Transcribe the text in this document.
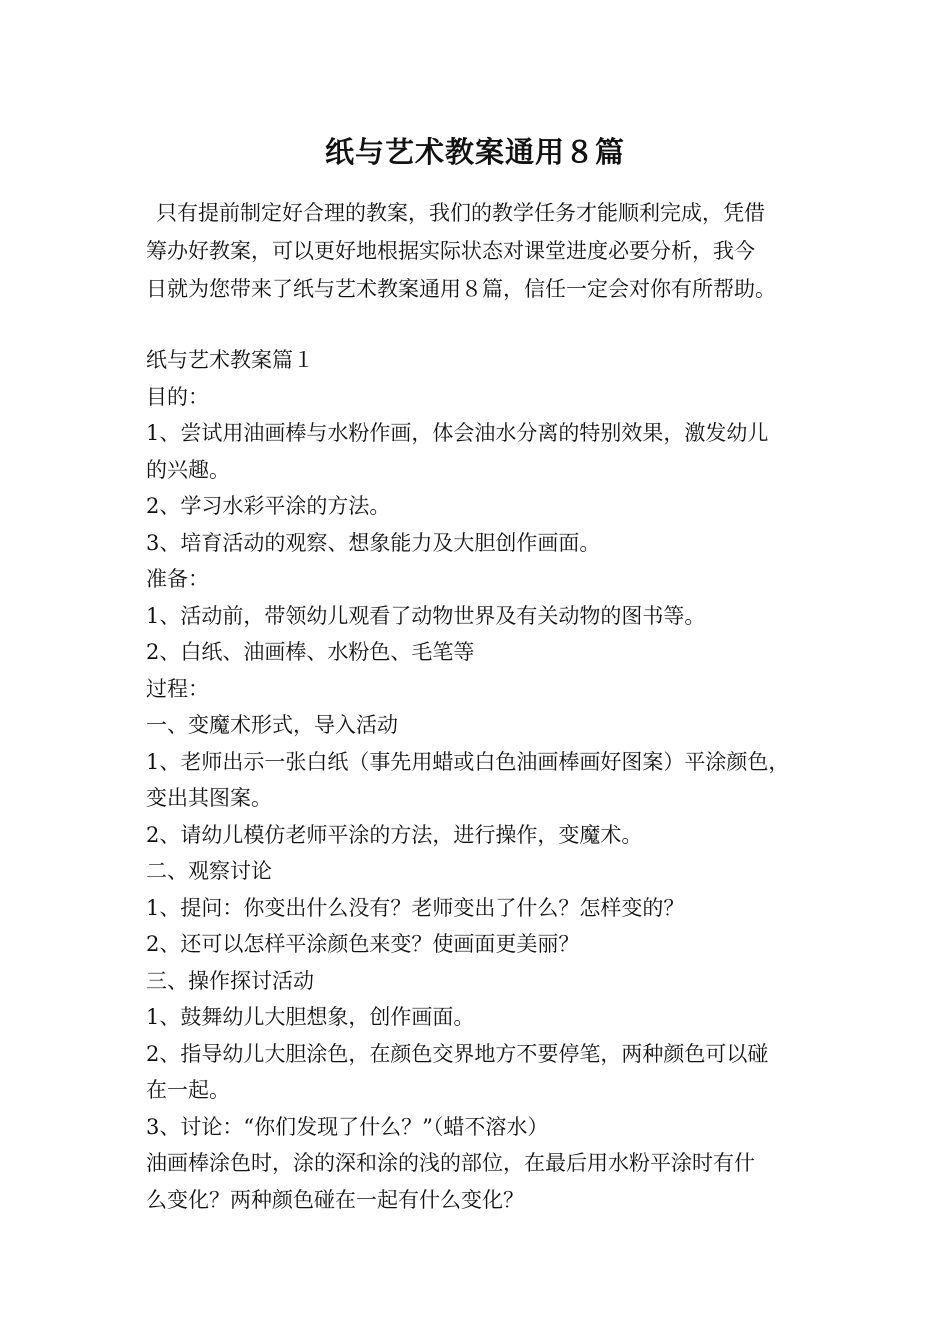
纸与艺术教案通用８篇
只有提前制定好合理的教案，我们的教学任务才能顺利完成，凭借
筹办好教案，可以更好地根据实际状态对课堂进度必要分析，我今
日就为您带来了纸与艺术教案通用８篇，信任一定会对你有所帮助。
纸与艺术教案篇１
目的：
1、尝试用油画棒与水粉作画，体会油水分离的特别效果，激发幼儿
的兴趣。
2、学习水彩平涂的方法。
3、培育活动的观察、想象能力及大胆创作画面。
准备：
1、活动前，带领幼儿观看了动物世界及有关动物的图书等。
2、白纸、油画棒、水粉色、毛笔等
过程：
一、变魔术形式，导入活动
1、老师出示一张白纸（事先用蜡或白色油画棒画好图案）平涂颜色，
变出其图案。
2、请幼儿模仿老师平涂的方法，进行操作，变魔术。
二、观察讨论
1、提问：你变出什么没有？老师变出了什么？怎样变的？
2、还可以怎样平涂颜色来变？使画面更美丽？
三、操作探讨活动
1、鼓舞幼儿大胆想象，创作画面。
2、指导幼儿大胆涂色，在颜色交界地方不要停笔，两种颜色可以碰
在一起。
3、讨论：“你们发现了什么？”（蜡不溶水）
油画棒涂色时，涂的深和涂的浅的部位，在最后用水粉平涂时有什
么变化？两种颜色碰在一起有什么变化？
